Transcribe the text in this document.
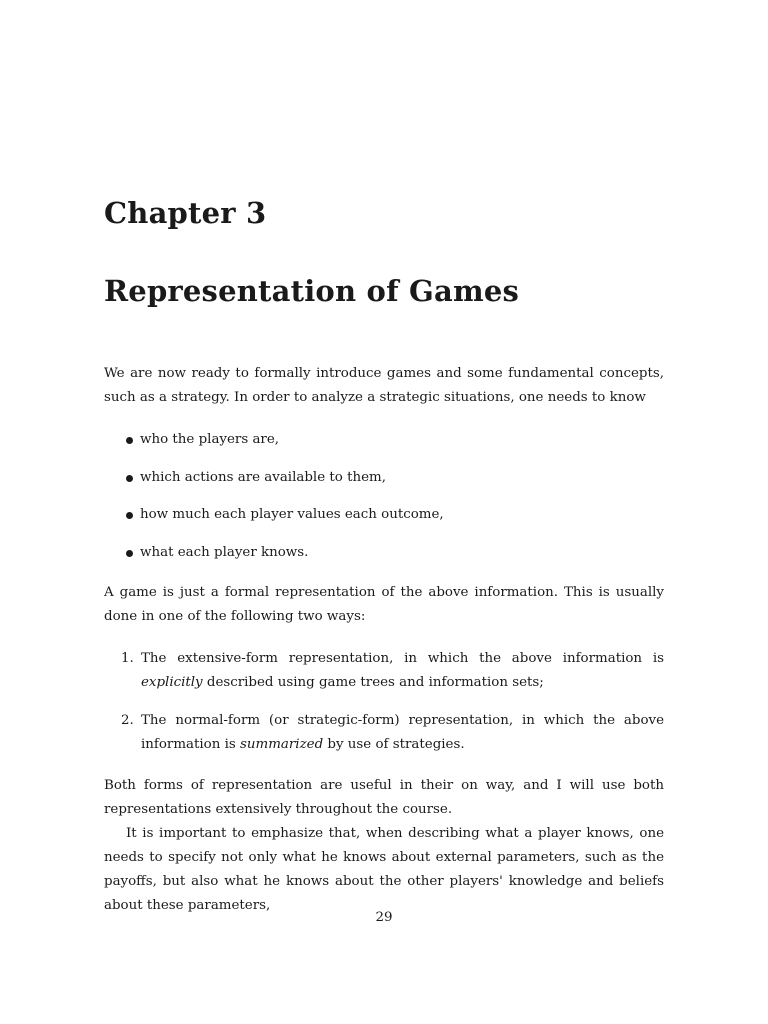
Chapter 3
Representation of Games
We are now ready to formally introduce games and some fundamental concepts, such as a strategy. In order to analyze a strategic situations, one needs to know
who the players are,
which actions are available to them,
how much each player values each outcome,
what each player knows.
A game is just a formal representation of the above information. This is usually done in one of the following two ways:
1. The extensive-form representation, in which the above information is explicitly described using game trees and information sets;
2. The normal-form (or strategic-form) representation, in which the above information is summarized by use of strategies.
Both forms of representation are useful in their on way, and I will use both representations extensively throughout the course.
It is important to emphasize that, when describing what a player knows, one needs to specify not only what he knows about external parameters, such as the payoffs, but also what he knows about the other players' knowledge and beliefs about these parameters,
29
